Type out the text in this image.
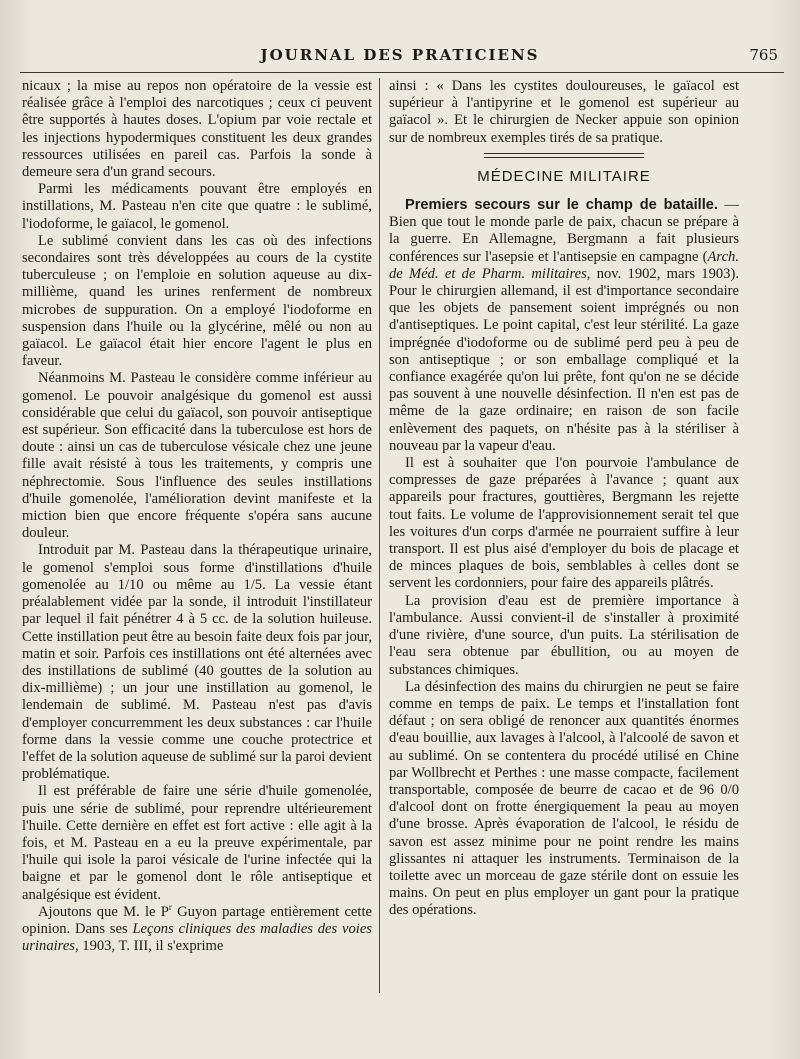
JOURNAL DES PRATICIENS	765

nicaux ; la mise au repos non opératoire de la vessie est réalisée grâce à l'emploi des narcotiques ; ceux ci peuvent être supportés à hautes doses. L'opium par voie rectale et les injections hypodermiques constituent les deux grandes ressources utilisées en pareil cas. Parfois la sonde à demeure sera d'un grand secours.

Parmi les médicaments pouvant être employés en instillations, M. Pasteau n'en cite que quatre : le sublimé, l'iodoforme, le gaïacol, le gomenol.

Le sublimé convient dans les cas où des infections secondaires sont très développées au cours de la cystite tuberculeuse ; on l'emploie en solution aqueuse au dix-millième, quand les urines renferment de nombreux microbes de suppuration. On a employé l'iodoforme en suspension dans l'huile ou la glycérine, mêlé ou non au gaïacol. Le gaïacol était hier encore l'agent le plus en faveur.

Néanmoins M. Pasteau le considère comme inférieur au gomenol. Le pouvoir analgésique du gomenol est aussi considérable que celui du gaïacol, son pouvoir antiseptique est supérieur. Son efficacité dans la tuberculose est hors de doute : ainsi un cas de tuberculose vésicale chez une jeune fille avait résisté à tous les traitements, y compris une néphrectomie. Sous l'influence des seules instillations d'huile gomenolée, l'amélioration devint manifeste et la miction bien que encore fréquente s'opéra sans aucune douleur.

Introduit par M. Pasteau dans la thérapeutique urinaire, le gomenol s'emploi sous forme d'instillations d'huile gomenolée au 1/10 ou même au 1/5. La vessie étant préalablement vidée par la sonde, il introduit l'instillateur par lequel il fait pénétrer 4 à 5 cc. de la solution huileuse. Cette instillation peut être au besoin faite deux fois par jour, matin et soir. Parfois ces instillations ont été alternées avec des instillations de sublimé (40 gouttes de la solution au dix-millième) ; un jour une instillation au gomenol, le lendemain de sublimé. M. Pasteau n'est pas d'avis d'employer concurremment les deux substances : car l'huile forme dans la vessie comme une couche protectrice et l'effet de la solution aqueuse de sublimé sur la paroi devient problématique.

Il est préférable de faire une série d'huile gomenolée, puis une série de sublimé, pour reprendre ultérieurement l'huile. Cette dernière en effet est fort active : elle agit à la fois, et M. Pasteau en a eu la preuve expérimentale, par l'huile qui isole la paroi vésicale de l'urine infectée qui la baigne et par le gomenol dont le rôle antiseptique et analgésique est évident.

Ajoutons que M. le $P^r$ Guyon partage entièrement cette opinion. Dans ses Leçons cliniques des maladies des voies urinaires, 1903, T. III, il s'exprime

ainsi : « Dans les cystites douloureuses, le gaïacol est supérieur à l'antipyrine et le gomenol est supérieur au gaïacol ». Et le chirurgien de Necker appuie son opinion sur de nombreux exemples tirés de sa pratique.

MÉDECINE MILITAIRE

Premiers secours sur le champ de bataille. — Bien que tout le monde parle de paix, chacun se prépare à la guerre. En Allemagne, Bergmann a fait plusieurs conférences sur l'asepsie et l'antisepsie en campagne (Arch. de Méd. et de Pharm. militaires, nov. 1902, mars 1903). Pour le chirurgien allemand, il est d'importance secondaire que les objets de pansement soient imprégnés ou non d'antiseptiques. Le point capital, c'est leur stérilité. La gaze imprégnée d'iodoforme ou de sublimé perd peu à peu de son antiseptique ; or son emballage compliqué et la confiance exagérée qu'on lui prête, font qu'on ne se décide pas souvent à une nouvelle désinfection. Il n'en est pas de même de la gaze ordinaire; en raison de son facile enlèvement des paquets, on n'hésite pas à la stériliser à nouveau par la vapeur d'eau.

Il est à souhaiter que l'on pourvoie l'ambulance de compresses de gaze préparées à l'avance ; quant aux appareils pour fractures, gouttières, Bergmann les rejette tout faits. Le volume de l'approvisionnement serait tel que les voitures d'un corps d'armée ne pourraient suffire à leur transport. Il est plus aisé d'employer du bois de placage et de minces plaques de bois, semblables à celles dont se servent les cordonniers, pour faire des appareils plâtrés.

La provision d'eau est de première importance à l'ambulance. Aussi convient-il de s'installer à proximité d'une rivière, d'une source, d'un puits. La stérilisation de l'eau sera obtenue par ébullition, ou au moyen de substances chimiques.

La désinfection des mains du chirurgien ne peut se faire comme en temps de paix. Le temps et l'installation font défaut ; on sera obligé de renoncer aux quantités énormes d'eau bouillie, aux lavages à l'alcool, à l'alcoolé de savon et au sublimé. On se contentera du procédé utilisé en Chine par Wollbrecht et Perthes : une masse compacte, facilement transportable, composée de beurre de cacao et de 96 0/0 d'alcool dont on frotte énergiquement la peau au moyen d'une brosse. Après évaporation de l'alcool, le résidu de savon est assez minime pour ne point rendre les mains glissantes ni attaquer les instruments. Terminaison de la toilette avec un morceau de gaze stérile dont on essuie les mains. On peut en plus employer un gant pour la pratique des opérations.
